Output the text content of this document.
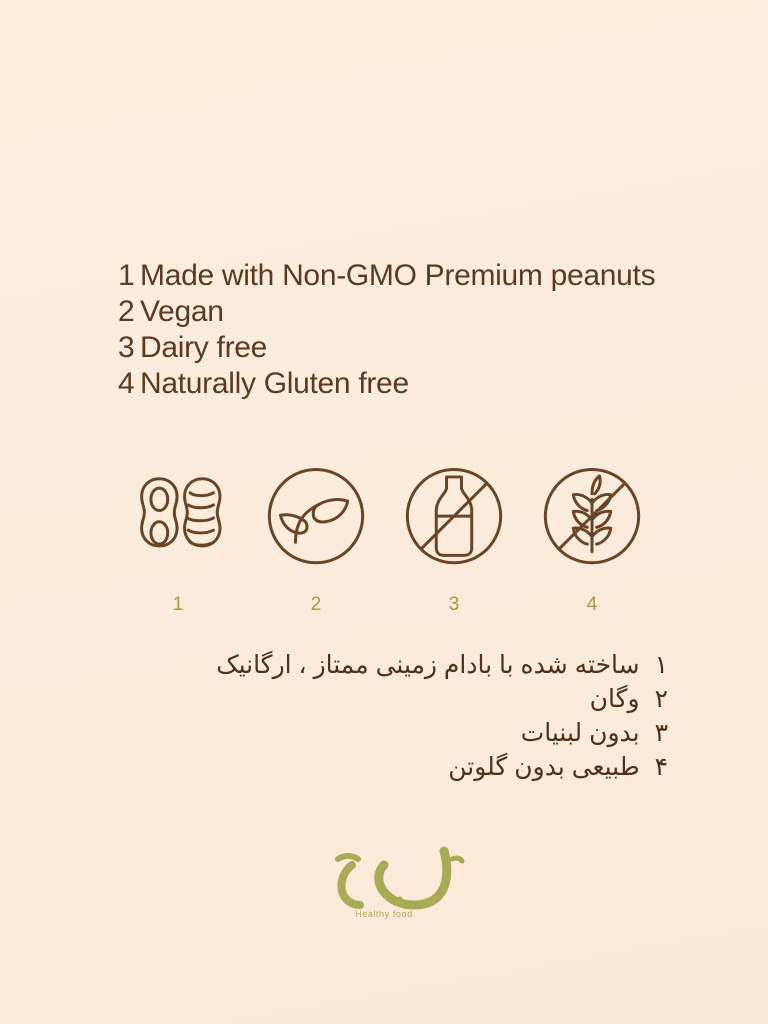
1 Made with Non-GMO Premium peanuts
2 Vegan
3 Dairy free
4 Naturally Gluten free
1	2	3	4
۱ ساخته شده با بادام زمینی ممتاز ، ارگانیک
۲ وگان
۳ بدون لبنیات
۴ طبیعی بدون گلوتن
Healthy food
